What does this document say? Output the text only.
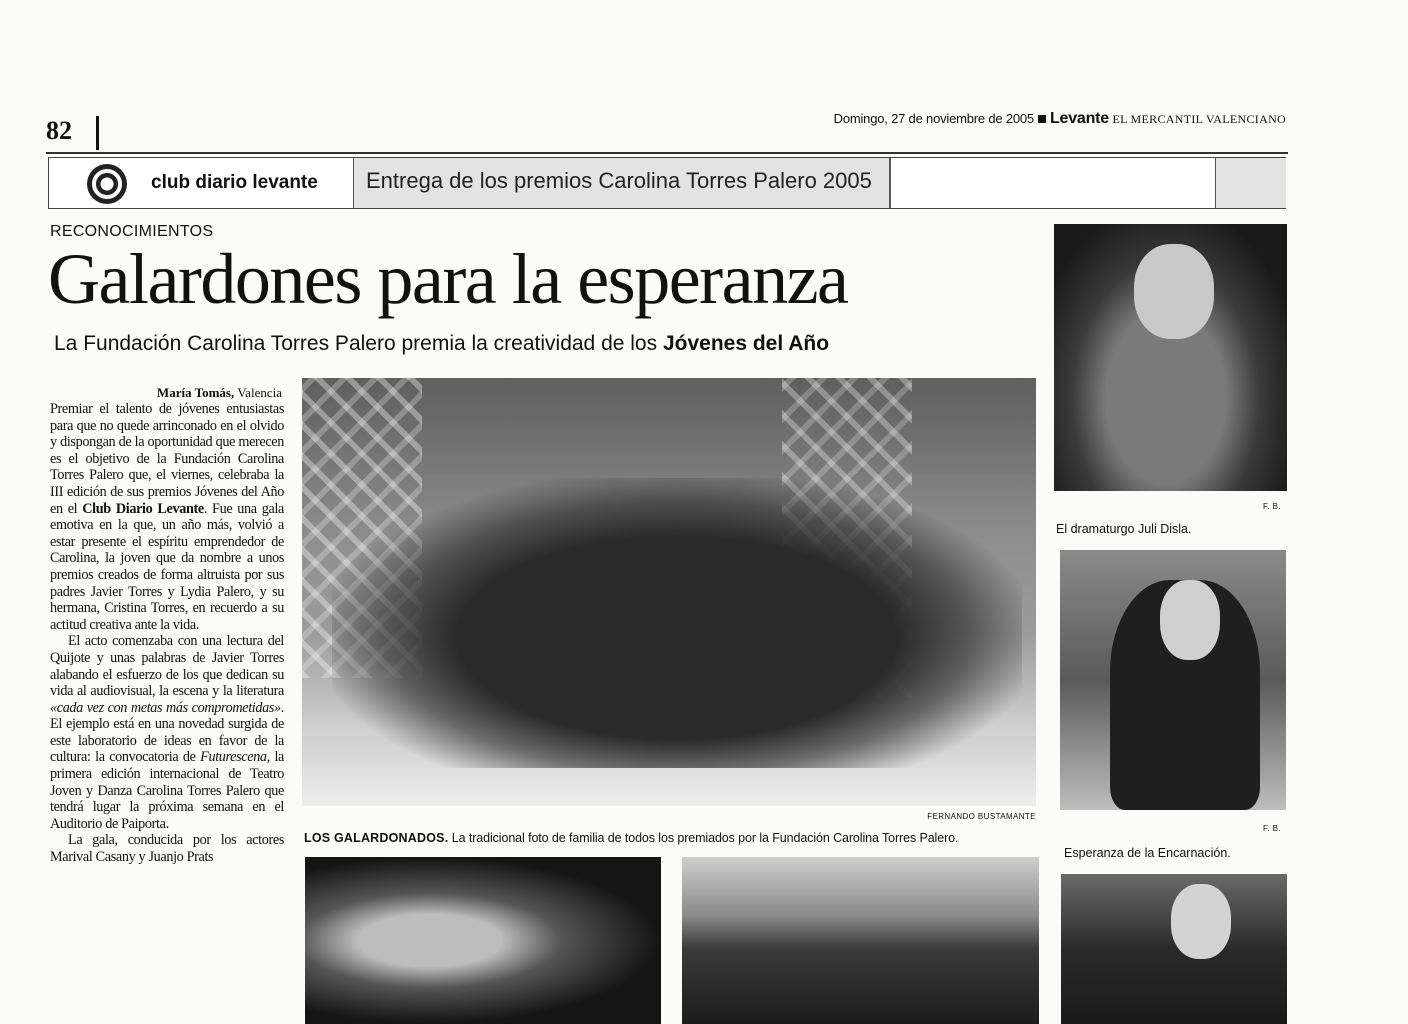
82	Domingo, 27 de noviembre de 2005 Levante EL MERCANTIL VALENCIANO
club diario levante Entrega de los premios Carolina Torres Palero 2005
RECONOCIMIENTOS
Galardones para la esperanza
La Fundación Carolina Torres Palero premia la creatividad de los Jóvenes del Año
María Tomás, Valencia

Premiar el talento de jóvenes entusiastas para que no quede arrinconado en el olvido y dispongan de la oportunidad que merecen es el objetivo de la Fundación Carolina Torres Palero que, el viernes, celebraba la III edición de sus premios Jóvenes del Año en el Club Diario Levante. Fue una gala emotiva en la que, un año más, volvió a estar presente el espíritu emprendedor de Carolina, la joven que da nombre a unos premios creados de forma altruista por sus padres Javier Torres y Lydia Palero, y su hermana, Cristina Torres, en recuerdo a su actitud creativa ante la vida.

El acto comenzaba con una lectura del Quijote y unas palabras de Javier Torres alabando el esfuerzo de los que dedican su vida al audiovisual, la escena y la literatura «cada vez con metas más comprometidas». El ejemplo está en una novedad surgida de este laboratorio de ideas en favor de la cultura: la convocatoria de Futurescena, la primera edición internacional de Teatro Joven y Danza Carolina Torres Palero que tendrá lugar la próxima semana en el Auditorio de Paiporta.

La gala, conducida por los actores Marival Casany y Juanjo Prats

FERNANDO BUSTAMANTE
LOS GALARDONADOS. La tradicional foto de familia de todos los premiados por la Fundación Carolina Torres Palero.
F. B.
El dramaturgo Juli Disla.
F. B.
Esperanza de la Encarnación.
